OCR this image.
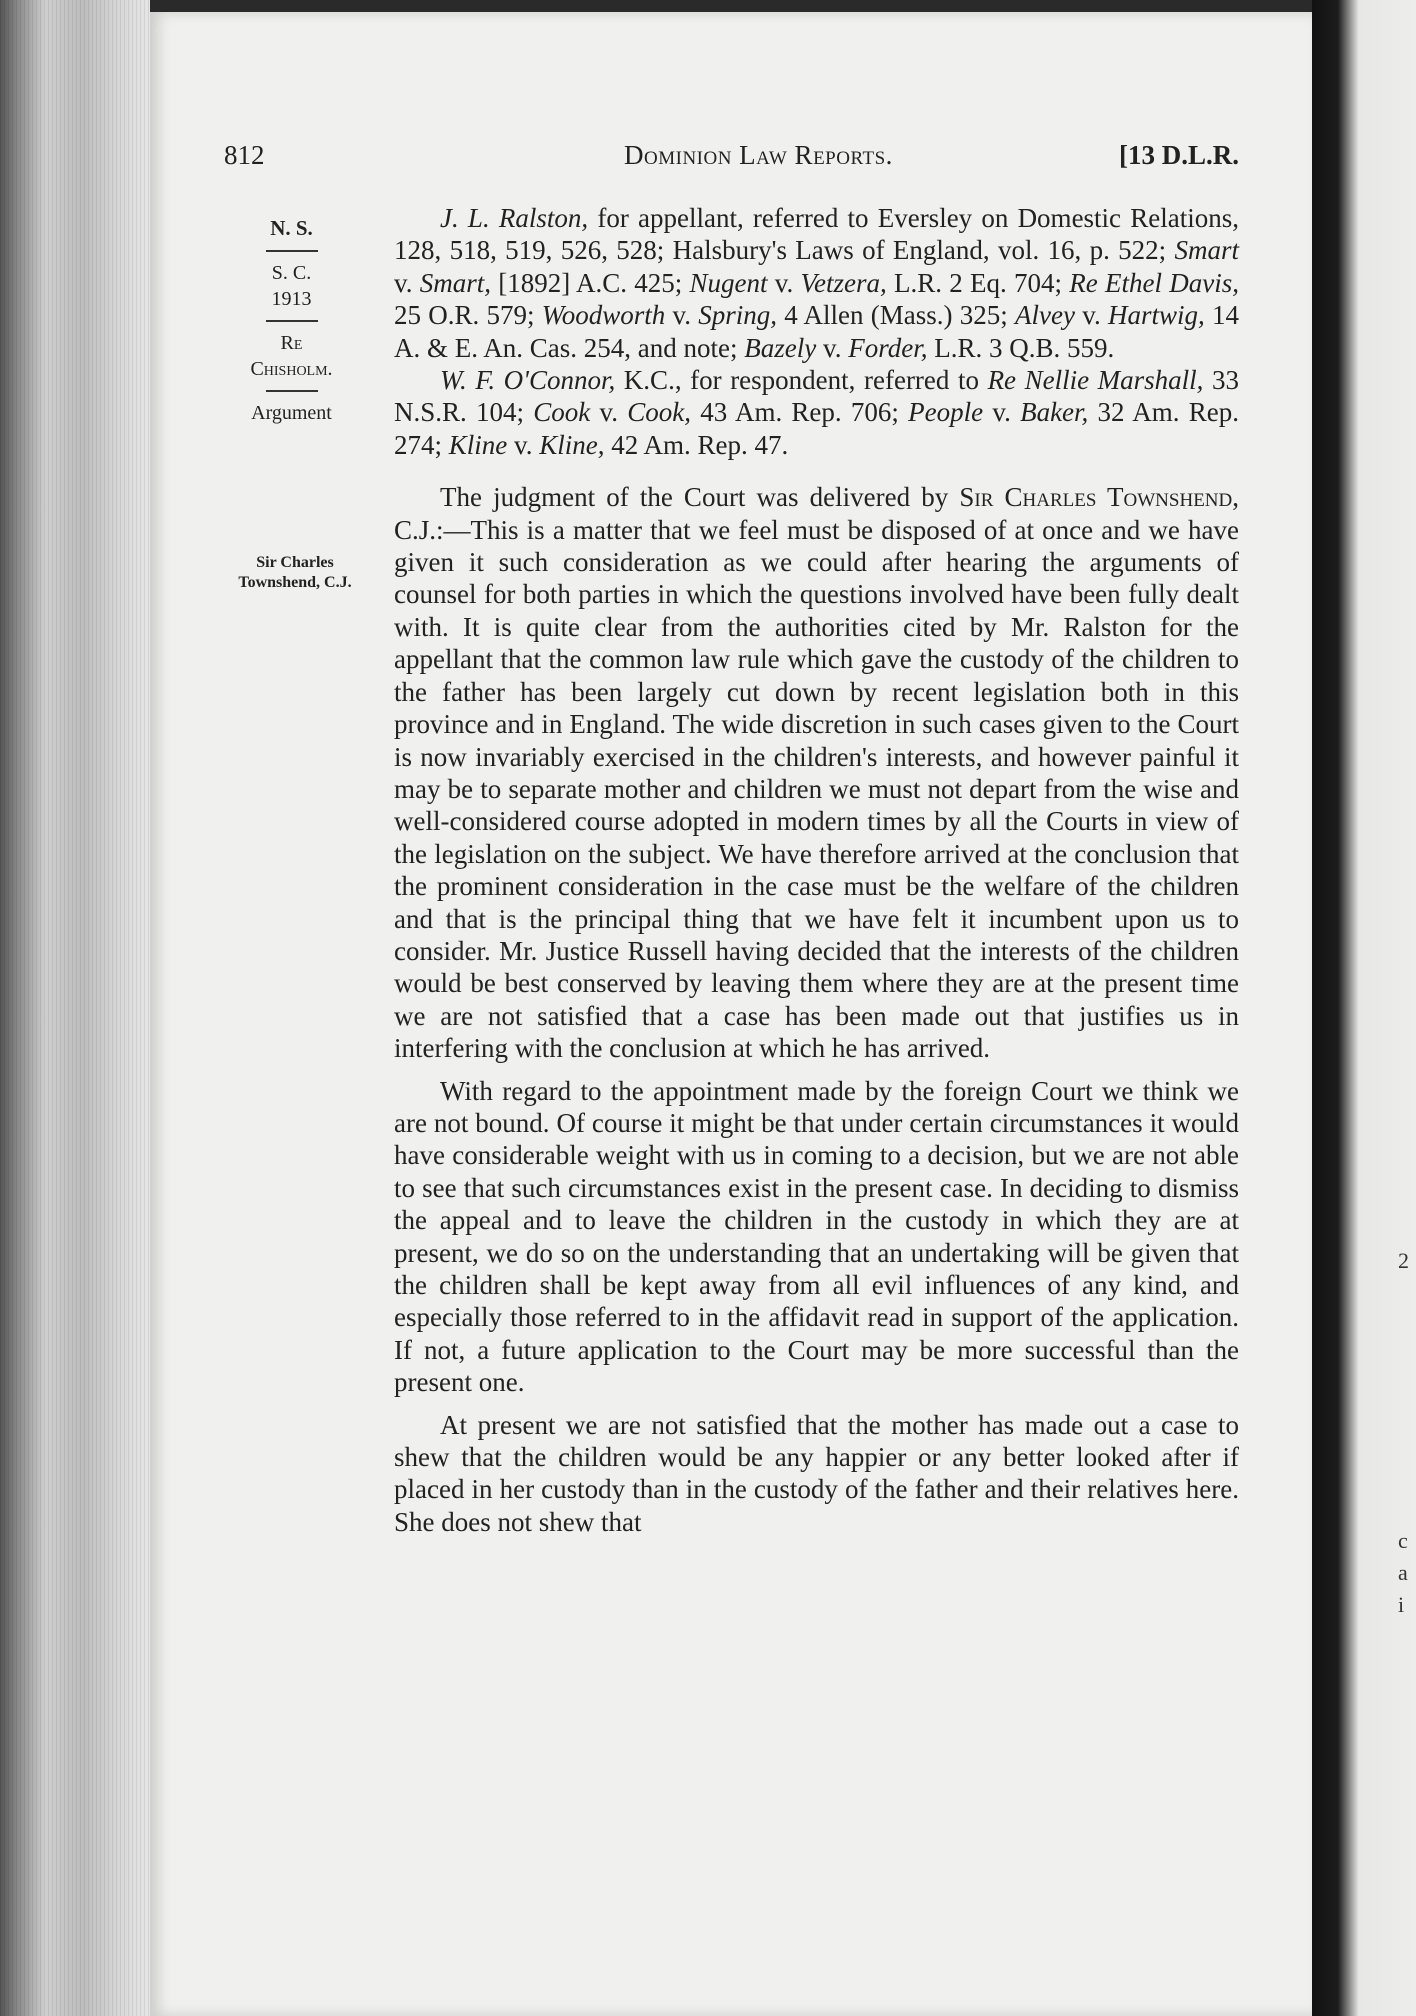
2
c
a
i
812	Dominion Law Reports.	[13 D.L.R.
N. S.
S. C.
1913
Re
Chisholm.
Argument
Sir Charles
Townshend, C.J.

J. L. Ralston, for appellant, referred to Eversley on Domestic Relations, 128, 518, 519, 526, 528; Halsbury's Laws of England, vol. 16, p. 522; Smart v. Smart, [1892] A.C. 425; Nugent v. Vetzera, L.R. 2 Eq. 704; Re Ethel Davis, 25 O.R. 579; Woodworth v. Spring, 4 Allen (Mass.) 325; Alvey v. Hartwig, 14 A. & E. An. Cas. 254, and note; Bazely v. Forder, L.R. 3 Q.B. 559.

W. F. O'Connor, K.C., for respondent, referred to Re Nellie Marshall, 33 N.S.R. 104; Cook v. Cook, 43 Am. Rep. 706; People v. Baker, 32 Am. Rep. 274; Kline v. Kline, 42 Am. Rep. 47.

The judgment of the Court was delivered by Sir Charles Townshend, C.J.:—This is a matter that we feel must be disposed of at once and we have given it such consideration as we could after hearing the arguments of counsel for both parties in which the questions involved have been fully dealt with. It is quite clear from the authorities cited by Mr. Ralston for the appellant that the common law rule which gave the custody of the children to the father has been largely cut down by recent legislation both in this province and in England. The wide discretion in such cases given to the Court is now invariably exercised in the children's interests, and however painful it may be to separate mother and children we must not depart from the wise and well-considered course adopted in modern times by all the Courts in view of the legislation on the subject. We have therefore arrived at the conclusion that the prominent consideration in the case must be the welfare of the children and that is the principal thing that we have felt it incumbent upon us to consider. Mr. Justice Russell having decided that the interests of the children would be best conserved by leaving them where they are at the present time we are not satisfied that a case has been made out that justifies us in interfering with the conclusion at which he has arrived.

With regard to the appointment made by the foreign Court we think we are not bound. Of course it might be that under certain circumstances it would have considerable weight with us in coming to a decision, but we are not able to see that such circumstances exist in the present case. In deciding to dismiss the appeal and to leave the children in the custody in which they are at present, we do so on the understanding that an undertaking will be given that the children shall be kept away from all evil influences of any kind, and especially those referred to in the affidavit read in support of the application. If not, a future application to the Court may be more successful than the present one.

At present we are not satisfied that the mother has made out a case to shew that the children would be any happier or any better looked after if placed in her custody than in the custody of the father and their relatives here. She does not shew that
